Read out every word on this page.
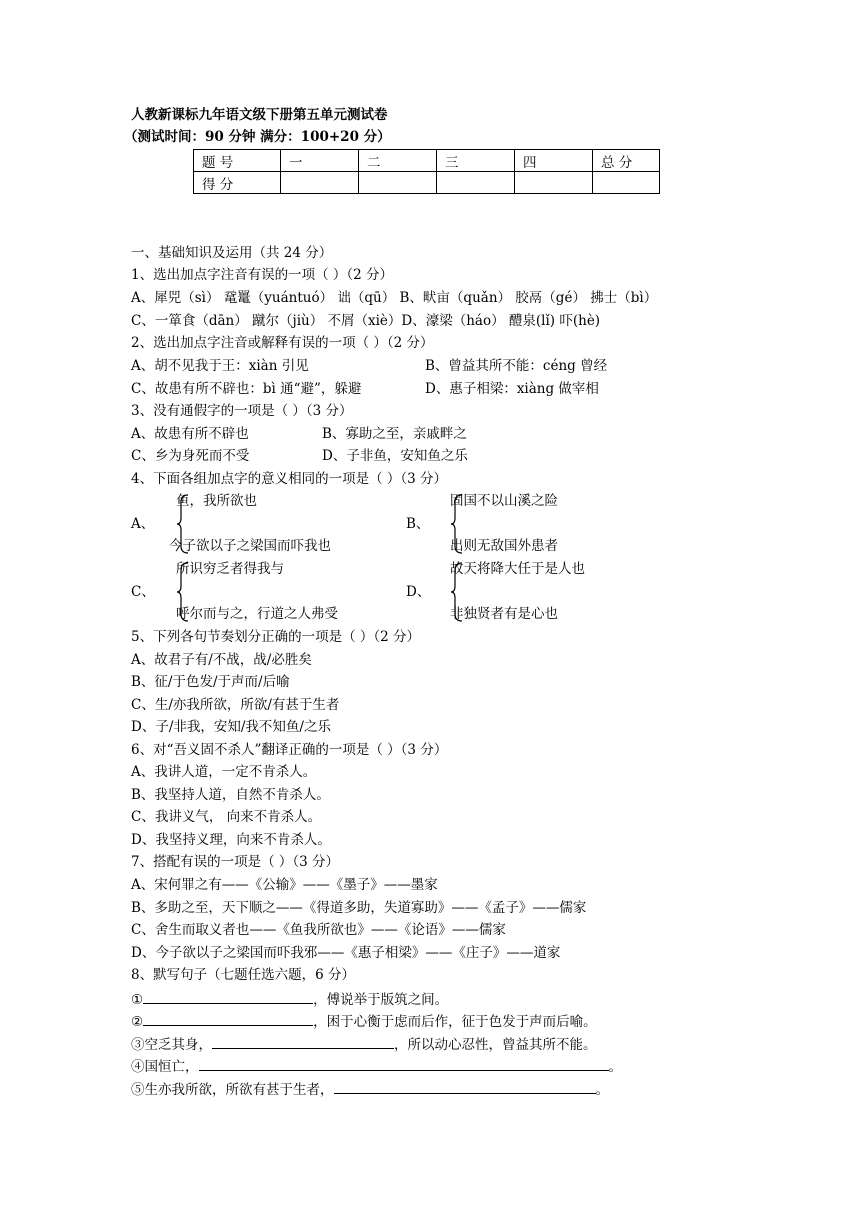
人教新课标九年语文级下册第五单元测试卷
（测试时间：90 分钟 满分：100+20 分）
题 号	一	二	三	四	总 分
得 分					
一、基础知识及运用（共 24 分）
1、选出加点字注音有误的一项（ ）（2 分）
A、犀兕（sì） 鼋鼍（yuántuó） 诎（qū） B、畎亩（quǎn） 胶鬲（gé） 拂士（bì）
C、一箪食（dān） 蹴尔（jiù） 不屑（xiè）D、濠梁（háo） 醴泉(lǐ) 吓(hè)
2、选出加点字注音或解释有误的一项（ ）（2 分）
A、胡不见我于王：xiàn 引见	B、曾益其所不能：céng 曾经
C、故患有所不辟也：bì 通“避”，躲避	D、惠子相梁：xiàng 做宰相
3、没有通假字的一项是（ ）（3 分）
A、故患有所不辟也	B、寡助之至，亲戚畔之
C、乡为身死而不受	D、子非鱼，安知鱼之乐
4、下面各组加点字的意义相同的一项是（ ）（3 分）
鱼，我所欲也
A、
今子欲以子之梁国而吓我也
固国不以山溪之险
B、
出则无敌国外患者
所识穷乏者得我与
C、
呼尔而与之，行道之人弗受
故天将降大任于是人也
D、
非独贤者有是心也
5、下列各句节奏划分正确的一项是（ ）（2 分）
A、故君子有/不战，战/必胜矣
B、征/于色发/于声而/后喻
C、生/亦我所欲，所欲/有甚于生者
D、子/非我，安知/我不知鱼/之乐
6、对“吾义固不杀人”翻译正确的一项是（ ）（3 分）
A、我讲人道，一定不肯杀人。
B、我坚持人道，自然不肯杀人。
C、我讲义气， 向来不肯杀人。
D、我坚持义理，向来不肯杀人。
7、搭配有误的一项是（ ）（3 分）
A、宋何罪之有——《公输》——《墨子》——墨家
B、多助之至，天下顺之——《得道多助，失道寡助》——《孟子》——儒家
C、舍生而取义者也——《鱼我所欲也》——《论语》——儒家
D、今子欲以子之梁国而吓我邪——《惠子相梁》——《庄子》——道家
8、默写句子（七题任选六题，6 分）
①	，傅说举于版筑之间。
②	，困于心衡于虑而后作，征于色发于声而后喻。
③空乏其身，	，所以动心忍性，曾益其所不能。
④国恒亡，	。
⑤生亦我所欲，所欲有甚于生者，	。
